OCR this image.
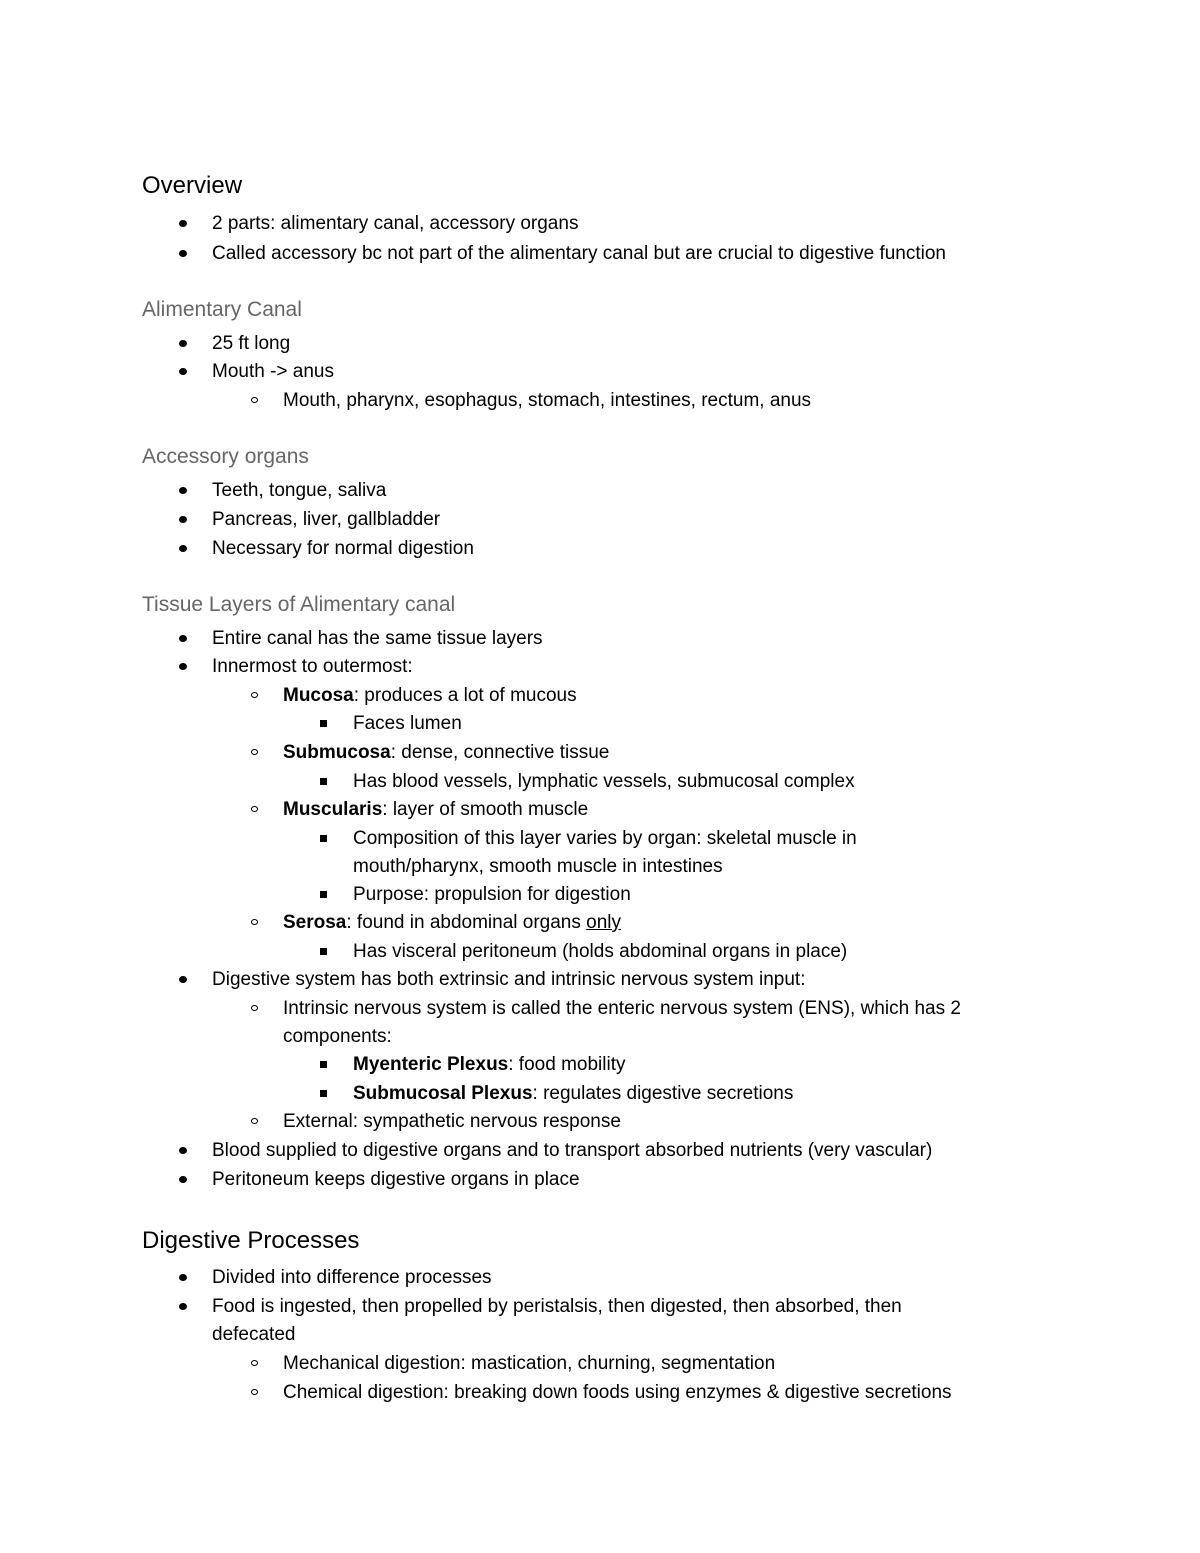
Overview
2 parts: alimentary canal, accessory organs
Called accessory bc not part of the alimentary canal but are crucial to digestive function
Alimentary Canal
25 ft long
Mouth -> anus
Mouth, pharynx, esophagus, stomach, intestines, rectum, anus
Accessory organs
Teeth, tongue, saliva
Pancreas, liver, gallbladder
Necessary for normal digestion
Tissue Layers of Alimentary canal
Entire canal has the same tissue layers
Innermost to outermost:
Mucosa: produces a lot of mucous
Faces lumen
Submucosa: dense, connective tissue
Has blood vessels, lymphatic vessels, submucosal complex
Muscularis: layer of smooth muscle
Composition of this layer varies by organ: skeletal muscle in
mouth/pharynx, smooth muscle in intestines
Purpose: propulsion for digestion
Serosa: found in abdominal organs only
Has visceral peritoneum (holds abdominal organs in place)
Digestive system has both extrinsic and intrinsic nervous system input:
Intrinsic nervous system is called the enteric nervous system (ENS), which has 2
components:
Myenteric Plexus: food mobility
Submucosal Plexus: regulates digestive secretions
External: sympathetic nervous response
Blood supplied to digestive organs and to transport absorbed nutrients (very vascular)
Peritoneum keeps digestive organs in place
Digestive Processes
Divided into difference processes
Food is ingested, then propelled by peristalsis, then digested, then absorbed, then
defecated
Mechanical digestion: mastication, churning, segmentation
Chemical digestion: breaking down foods using enzymes & digestive secretions
